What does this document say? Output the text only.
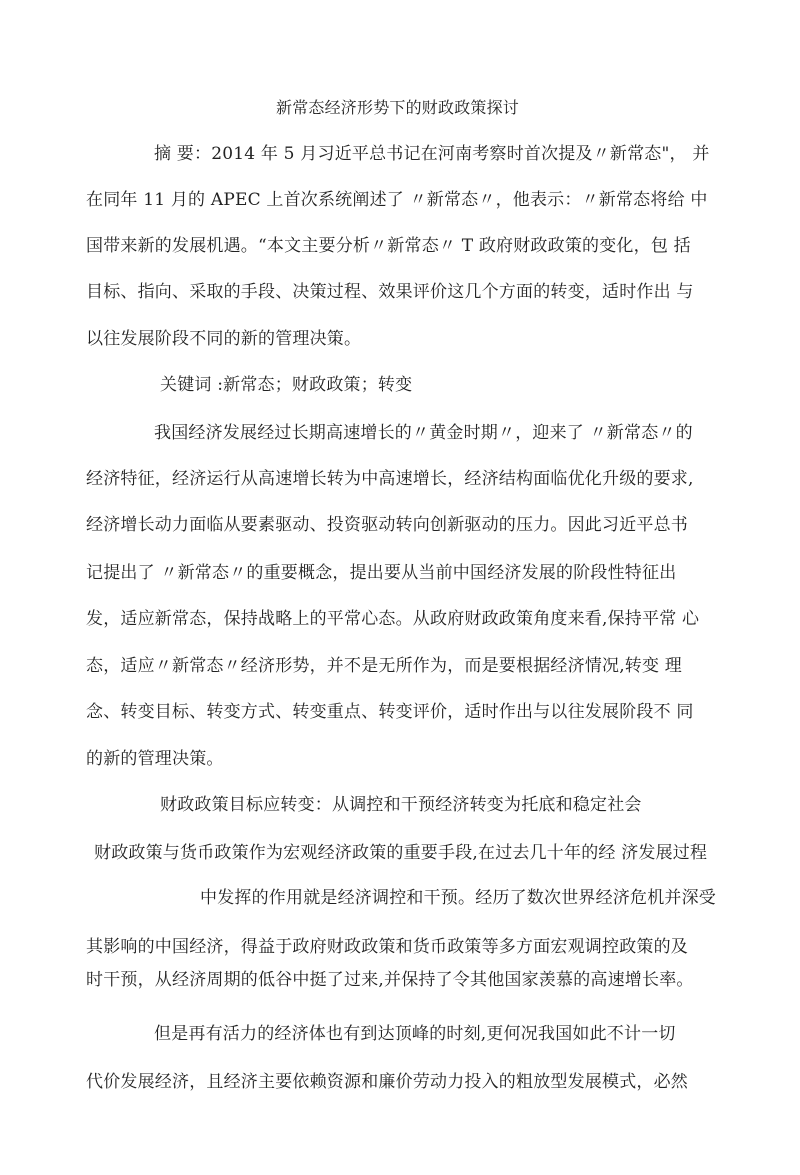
新常态经济形势下的财政政策探讨
摘 要：2014 年 5 月习近平总书记在河南考察时首次提及〃新常态"， 并
在同年 11 月的 APEC 上首次系统阐述了 〃新常态〃，他表示：〃新常态将给 中
国带来新的发展机遇。“本文主要分析〃新常态〃 T 政府财政政策的变化，包 括
目标、指向、采取的手段、决策过程、效果评价这几个方面的转变，适时作出 与
以往发展阶段不同的新的管理决策。
关键词 :新常态；财政政策；转变
我国经济发展经过长期高速增长的〃黄金时期〃，迎来了 〃新常态〃的
经济特征，经济运行从高速增长转为中高速增长，经济结构面临优化升级的要求,
经济增长动力面临从要素驱动、投资驱动转向创新驱动的压力。因此习近平总书
记提出了 〃新常态〃的重要概念，提出要从当前中国经济发展的阶段性特征出
发，适应新常态，保持战略上的平常心态。从政府财政政策角度来看,保持平常 心
态，适应〃新常态〃经济形势，并不是无所作为，而是要根据经济情况,转变 理
念、转变目标、转变方式、转变重点、转变评价，适时作出与以往发展阶段不 同
的新的管理决策。
财政政策目标应转变：从调控和干预经济转变为托底和稳定社会
财政政策与货币政策作为宏观经济政策的重要手段,在过去几十年的经 济发展过程
中发挥的作用就是经济调控和干预。经历了数次世界经济危机并深受
其影响的中国经济，得益于政府财政政策和货币政策等多方面宏观调控政策的及
时干预，从经济周期的低谷中挺了过来,并保持了令其他国家羡慕的高速增长率。
但是再有活力的经济体也有到达顶峰的时刻,更何况我国如此不计一切
代价发展经济，且经济主要依赖资源和廉价劳动力投入的粗放型发展模式，必然
